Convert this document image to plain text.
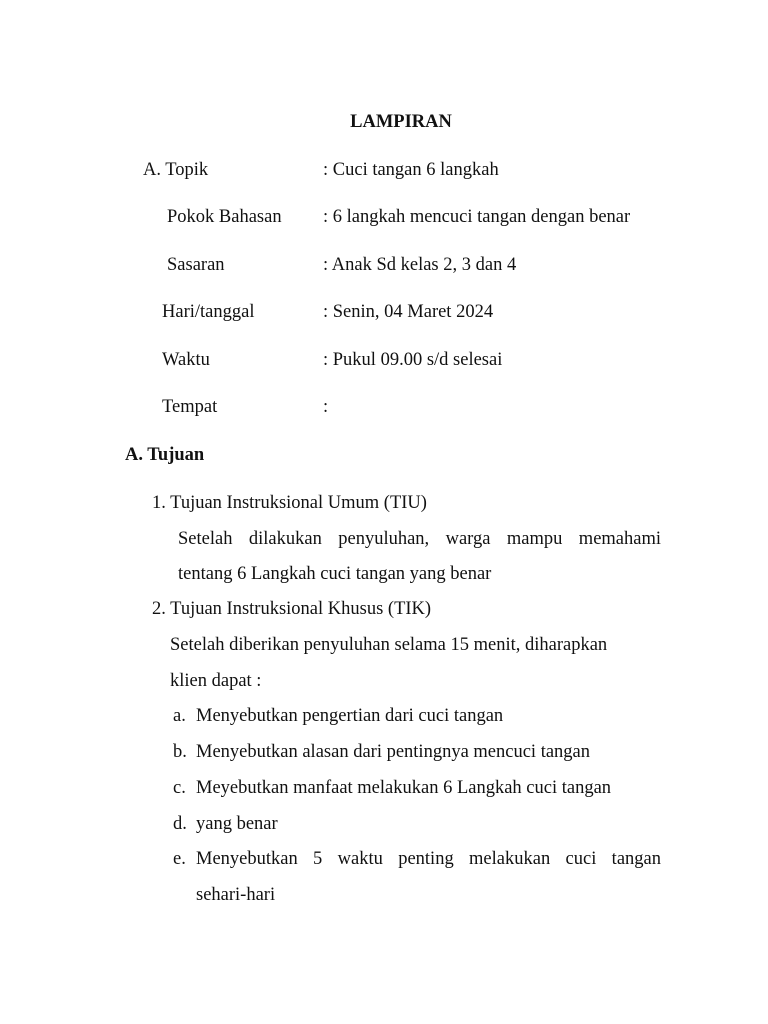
LAMPIRAN
A. Topik	: Cuci tangan 6 langkah
Pokok Bahasan : 6 langkah mencuci tangan dengan benar
Sasaran	: Anak Sd kelas 2, 3 dan 4
Hari/tanggal	: Senin, 04 Maret 2024
Waktu	: Pukul 09.00 s/d selesai
Tempat	:
A. Tujuan
1. Tujuan Instruksional Umum (TIU)
Setelah dilakukan penyuluhan, warga mampu memahami
tentang 6 Langkah cuci tangan yang benar
2. Tujuan Instruksional Khusus (TIK)
Setelah diberikan penyuluhan selama 15 menit, diharapkan
klien dapat :
a. Menyebutkan pengertian dari cuci tangan
b. Menyebutkan alasan dari pentingnya mencuci tangan
c. Meyebutkan manfaat melakukan 6 Langkah cuci tangan
d. yang benar
e. Menyebutkan 5 waktu penting melakukan cuci tangan
sehari-hari
